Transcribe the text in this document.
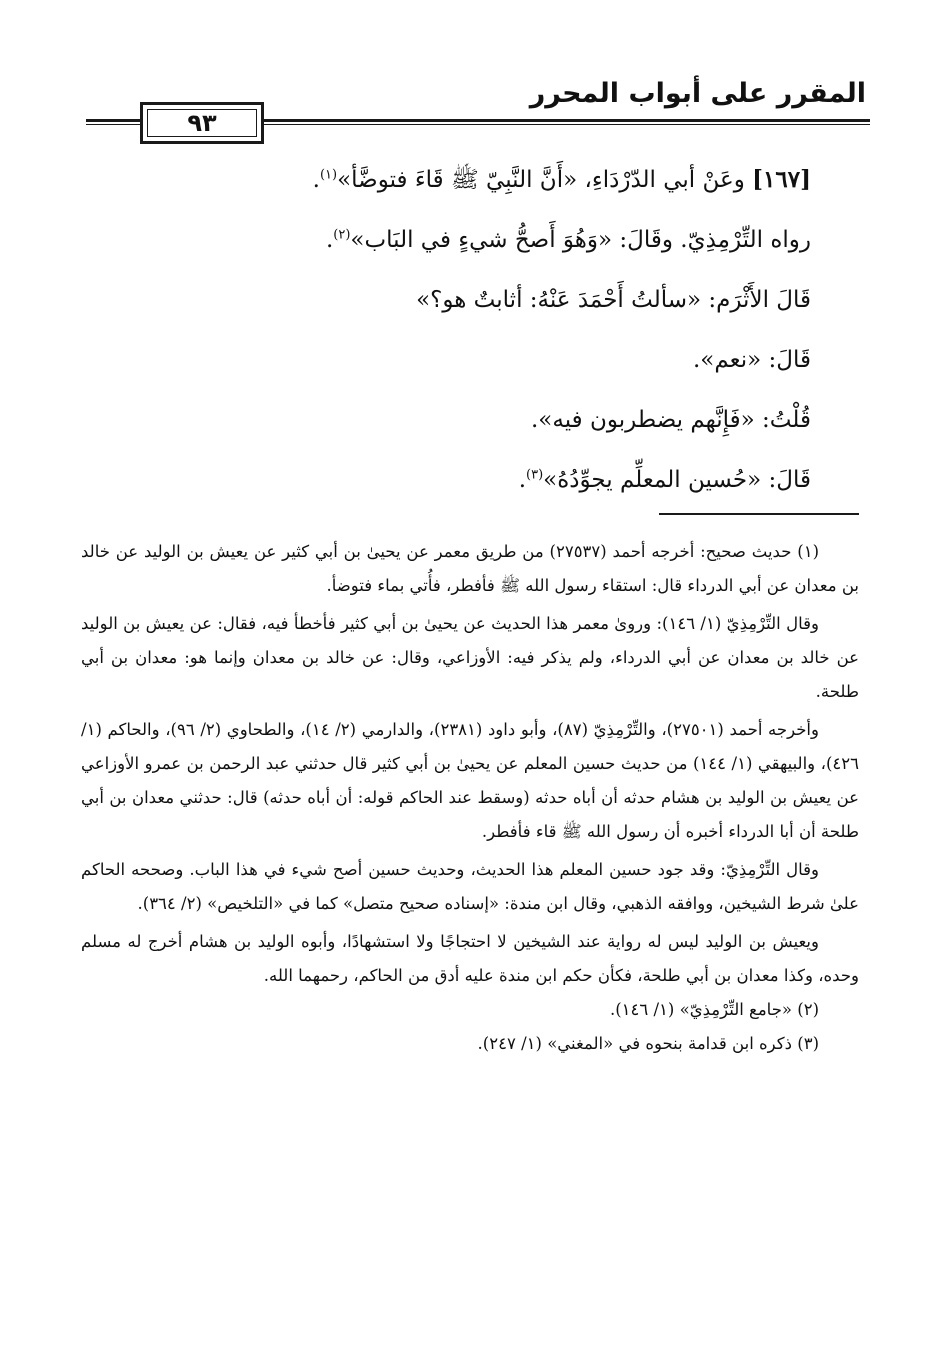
المقرر على أبواب المحرر
٩٣

[١٦٧] وعَنْ أبي الدّرْدَاءِ، «أَنَّ النَّبِيّ ﷺ قَاءَ فتوضَّأ»$^{(١)}$.

رواه التِّرْمِذِيّ. وقَالَ: «وَهُوَ أَصحُّ شيءٍ في البَاب»$^{(٢)}$.

قَالَ الأَثْرَم: «سألتُ أَحْمَدَ عَنْهُ: أثابتٌ هو؟»

قَالَ: «نعم».

قُلْتُ: «فَإِنَّهم يضطربون فيه».

قَالَ: «حُسين المعلِّم يجوِّدُهُ»$^{(٣)}$.

(١) حديث صحيح: أخرجه أحمد (٢٧٥٣٧) من طريق معمر عن يحيىٰ بن أبي كثير عن يعيش بن الوليد عن خالد بن معدان عن أبي الدرداء قال: استقاء رسول الله ﷺ فأفطر، فأُتي بماء فتوضأ.

وقال التِّرْمِذِيّ (١/ ١٤٦): وروىٰ معمر هذا الحديث عن يحيىٰ بن أبي كثير فأخطأ فيه، فقال: عن يعيش بن الوليد عن خالد بن معدان عن أبي الدرداء، ولم يذكر فيه: الأوزاعي، وقال: عن خالد بن معدان وإنما هو: معدان بن أبي طلحة.

وأخرجه أحمد (٢٧٥٠١)، والتِّرْمِذِيّ (٨٧)، وأبو داود (٢٣٨١)، والدارمي (٢/ ١٤)، والطحاوي (٢/ ٩٦)، والحاكم (١/ ٤٢٦)، والبيهقي (١/ ١٤٤) من حديث حسين المعلم عن يحيىٰ بن أبي كثير قال حدثني عبد الرحمن بن عمرو الأوزاعي عن يعيش بن الوليد بن هشام حدثه أن أباه حدثه (وسقط عند الحاكم قوله: أن أباه حدثه) قال: حدثني معدان بن أبي طلحة أن أبا الدرداء أخبره أن رسول الله ﷺ قاء فأفطر.

وقال التِّرْمِذِيّ: وقد جود حسين المعلم هذا الحديث، وحديث حسين أصح شيء في هذا الباب. وصححه الحاكم علىٰ شرط الشيخين، ووافقه الذهبي، وقال ابن مندة: «إسناده صحيح متصل» كما في «التلخيص» (٢/ ٣٦٤).

ويعيش بن الوليد ليس له رواية عند الشيخين لا احتجاجًا ولا استشهادًا، وأبوه الوليد بن هشام أخرج له مسلم وحده، وكذا معدان بن أبي طلحة، فكأن حكم ابن مندة عليه أدق من الحاكم، رحمهما الله.

(٢) «جامع التِّرْمِذِيّ» (١/ ١٤٦).

(٣) ذكره ابن قدامة بنحوه في «المغني» (١/ ٢٤٧).
